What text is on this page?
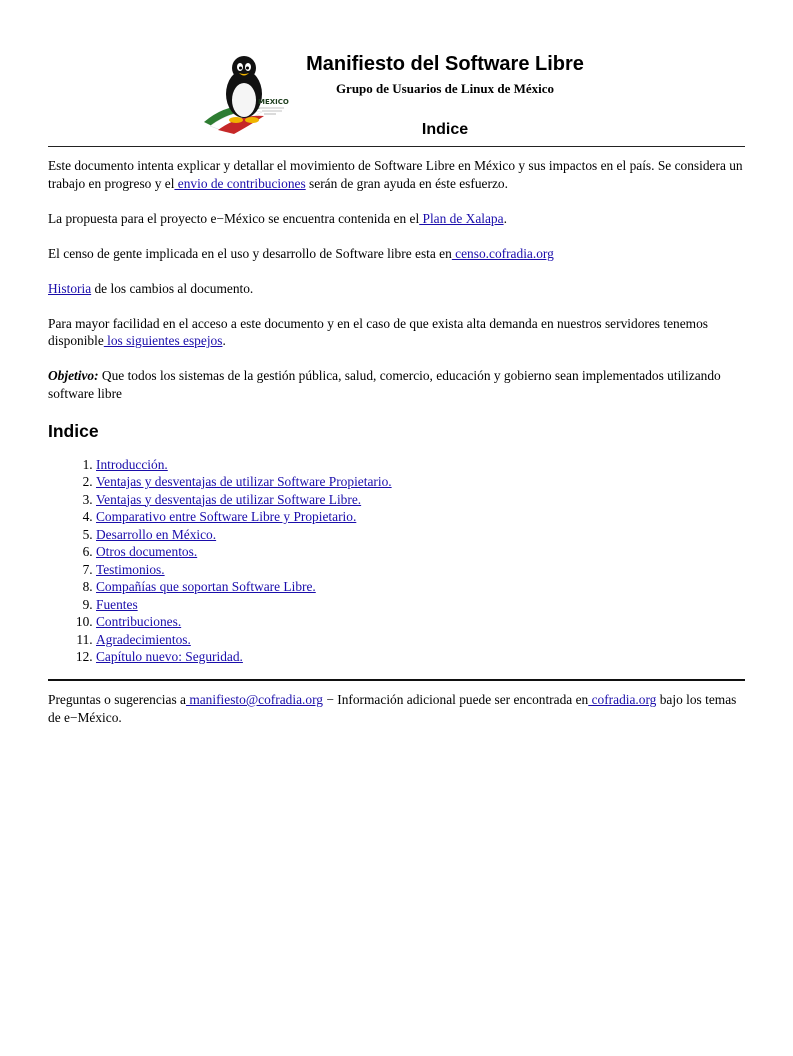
MEXICO
Manifiesto del Software Libre
Grupo de Usuarios de Linux de México
Indice

Este documento intenta explicar y detallar el movimiento de Software Libre en México y sus impactos en el país. Se considera un trabajo en progreso y el envio de contribuciones serán de gran ayuda en éste esfuerzo.

La propuesta para el proyecto e−México se encuentra contenida en el Plan de Xalapa.

El censo de gente implicada en el uso y desarrollo de Software libre esta en censo.cofradia.org

Historia de los cambios al documento.

Para mayor facilidad en el acceso a este documento y en el caso de que exista alta demanda en nuestros servidores tenemos disponible los siguientes espejos.

Objetivo: Que todos los sistemas de la gestión pública, salud, comercio, educación y gobierno sean implementados utilizando software libre

Indice
1. Introducción.
2. Ventajas y desventajas de utilizar Software Propietario.
3. Ventajas y desventajas de utilizar Software Libre.
4. Comparativo entre Software Libre y Propietario.
5. Desarrollo en México.
6. Otros documentos.
7. Testimonios.
8. Compañías que soportan Software Libre.
9. Fuentes
10. Contribuciones.
11. Agradecimientos.
12. Capítulo nuevo: Seguridad.
Preguntas o sugerencias a manifiesto@cofradia.org − Información adicional puede ser encontrada en cofradia.org bajo los temas de e−México.
